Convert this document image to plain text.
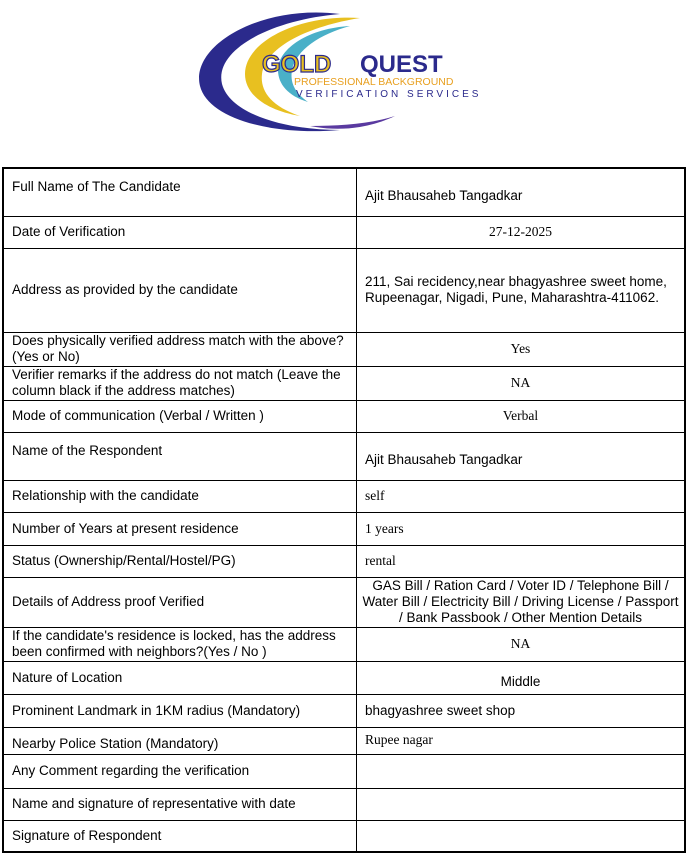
GOLD QUEST
PROFESSIONAL BACKGROUND
VERIFICATION SERVICES
Full Name of The Candidate	Ajit Bhausaheb Tangadkar
Date of Verification	27-12-2025
Address as provided by the candidate	211, Sai recidency,near bhagyashree sweet home, Rupeenagar, Nigadi, Pune, Maharashtra-411062.
Does physically verified address match with the above? (Yes or No)	Yes
Verifier remarks if the address do not match (Leave the column black if the address matches)	NA
Mode of communication (Verbal / Written )	Verbal
Name of the Respondent	Ajit Bhausaheb Tangadkar
Relationship with the candidate	self
Number of Years at present residence	1 years
Status (Ownership/Rental/Hostel/PG)	rental
Details of Address proof Verified	GAS Bill / Ration Card / Voter ID / Telephone Bill / Water Bill / Electricity Bill / Driving License / Passport / Bank Passbook / Other Mention Details
If the candidate's residence is locked, has the address been confirmed with neighbors?(Yes / No )	NA
Nature of Location	Middle
Prominent Landmark in 1KM radius (Mandatory)	bhagyashree sweet shop
Nearby Police Station (Mandatory)	Rupee nagar
Any Comment regarding the verification	
Name and signature of representative with date	
Signature of Respondent	
